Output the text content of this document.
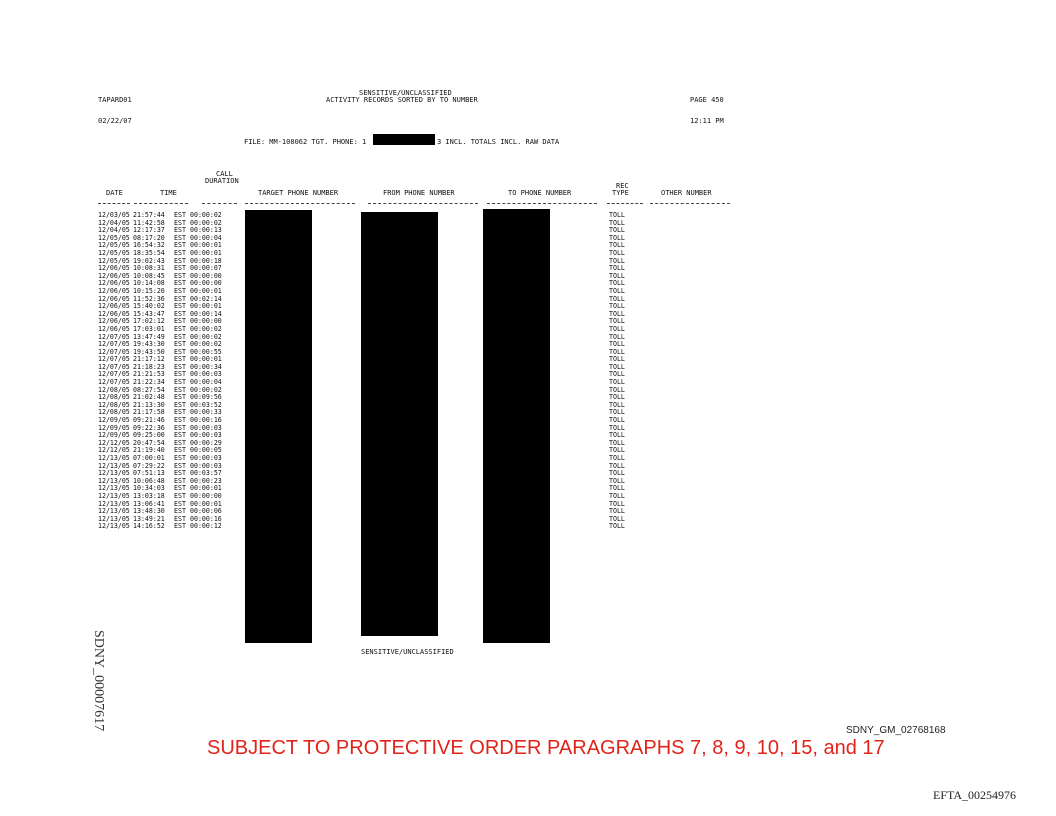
TAPARD01
SENSITIVE/UNCLASSIFIED
ACTIVITY RECORDS SORTED BY TO NUMBER	PAGE 450
02/22/07	12:11 PM
FILE: MM-108062 TGT. PHONE: 1	3 INCL. TOTALS INCL. RAW DATA
CALL
DURATION
DATE	TIME	TARGET PHONE NUMBER	FROM PHONE NUMBER	TO PHONE NUMBER
REC
TYPE	OTHER NUMBER
12/03/05 21:57:44 EST 00:00:02	TOLL
12/04/05 11:42:58 EST 00:00:02	TOLL
12/04/05 12:17:37 EST 00:00:13	TOLL
12/05/05 08:17:20 EST 00:00:04	TOLL
12/05/05 16:54:32 EST 00:00:01	TOLL
12/05/05 18:35:54 EST 00:00:01	TOLL
12/05/05 19:02:43 EST 00:00:18	TOLL
12/06/05 10:08:31 EST 00:00:07	TOLL
12/06/05 10:08:45 EST 00:00:00	TOLL
12/06/05 10:14:08 EST 00:00:00	TOLL
12/06/05 10:15:20 EST 00:00:01	TOLL
12/06/05 11:52:36 EST 00:02:14	TOLL
12/06/05 15:40:02 EST 00:00:01	TOLL
12/06/05 15:43:47 EST 00:00:14	TOLL
12/06/05 17:02:12 EST 00:00:00	TOLL
12/06/05 17:03:01 EST 00:00:02	TOLL
12/07/05 13:47:49 EST 00:00:02	TOLL
12/07/05 19:43:30 EST 00:00:02	TOLL
12/07/05 19:43:50 EST 00:00:55	TOLL
12/07/05 21:17:12 EST 00:00:01	TOLL
12/07/05 21:18:23 EST 00:00:34	TOLL
12/07/05 21:21:53 EST 00:00:03	TOLL
12/07/05 21:22:34 EST 00:00:04	TOLL
12/08/05 08:27:54 EST 00:00:02	TOLL
12/08/05 21:02:48 EST 00:09:56	TOLL
12/08/05 21:13:30 EST 00:03:52	TOLL
12/08/05 21:17:58 EST 00:00:33	TOLL
12/09/05 09:21:46 EST 00:00:16	TOLL
12/09/05 09:22:36 EST 00:00:03	TOLL
12/09/05 09:25:00 EST 00:00:03	TOLL
12/12/05 20:47:54 EST 00:00:29	TOLL
12/12/05 21:19:40 EST 00:00:05	TOLL
12/13/05 07:00:01 EST 00:00:03	TOLL
12/13/05 07:29:22 EST 00:00:03	TOLL
12/13/05 07:51:13 EST 00:03:57	TOLL
12/13/05 10:06:48 EST 00:00:23	TOLL
12/13/05 10:34:03 EST 00:00:01	TOLL
12/13/05 13:03:18 EST 00:00:00	TOLL
12/13/05 13:06:41 EST 00:00:01	TOLL
12/13/05 13:48:30 EST 00:00:06	TOLL
12/13/05 13:49:21 EST 00:00:16	TOLL
12/13/05 14:16:52 EST 00:00:12	TOLL
SENSITIVE/UNCLASSIFIED
SDNY_00007617	SDNY_GM_02768168
SUBJECT TO PROTECTIVE ORDER PARAGRAPHS 7, 8, 9, 10, 15, and 17
EFTA_00254976
